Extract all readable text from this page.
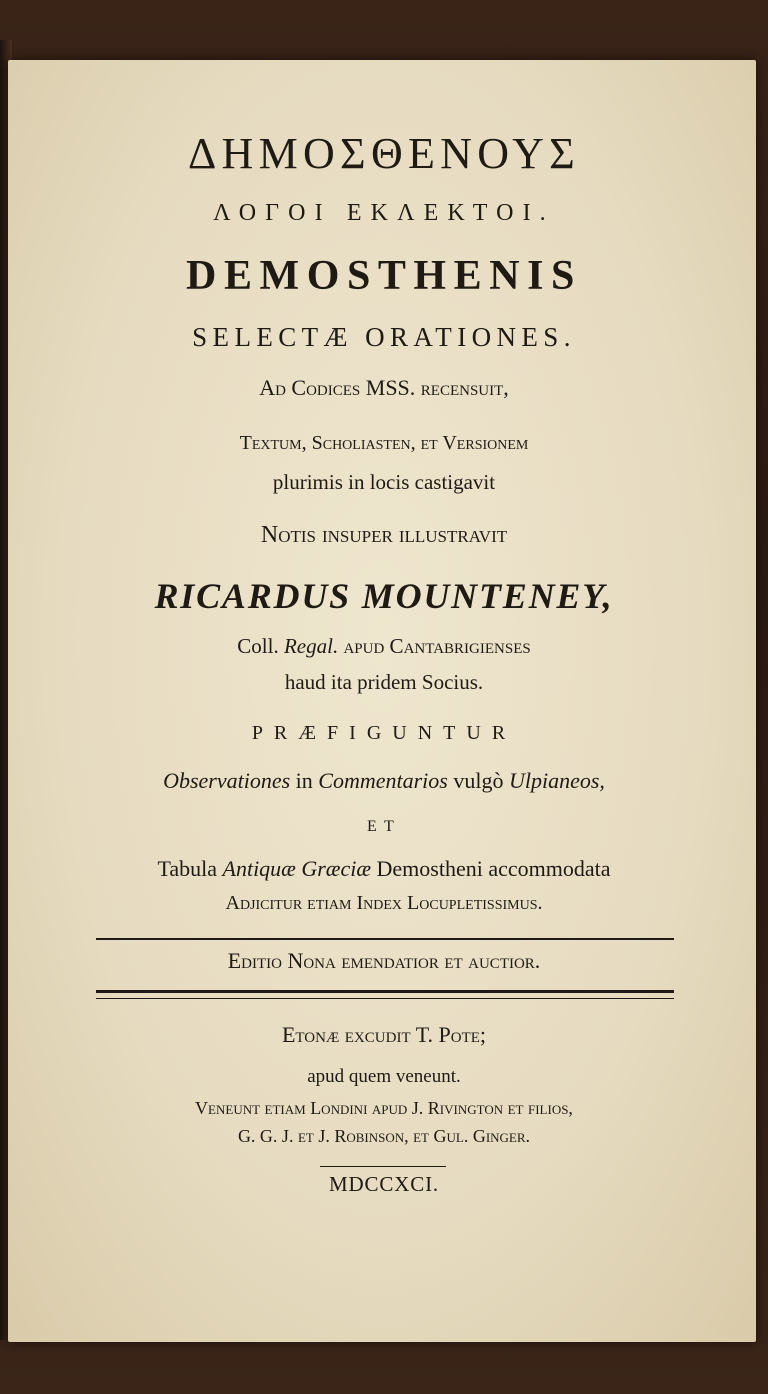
ΔΗΜΟΣΘΕΝΟΥΣ
ΛΟΓΟΙ ΕΚΛΕΚΤΟΙ.
DEMOSTHENIS
SELECTÆ ORATIONES.
Ad Codices MSS. recensuit,
Textum, Scholiasten, et Versionem
plurimis in locis castigavit
Notis insuper illustravit
RICARDUS MOUNTENEY,
Coll. Regal. apud Cantabrigienses
haud ita pridem Socius.
PRÆFIGUNTUR
Observationes in Commentarios vulgò Ulpianeos,
ET
Tabula Antiquæ Græciæ Demostheni accommodata
Adjicitur etiam Index Locupletissimus.
Editio Nona emendatior et auctior.
Etonæ excudit T. Pote;
apud quem veneunt.
Veneunt etiam Londini apud J. Rivington et filios,
G. G. J. et J. Robinson, et Gul. Ginger.
MDCCXCI.
